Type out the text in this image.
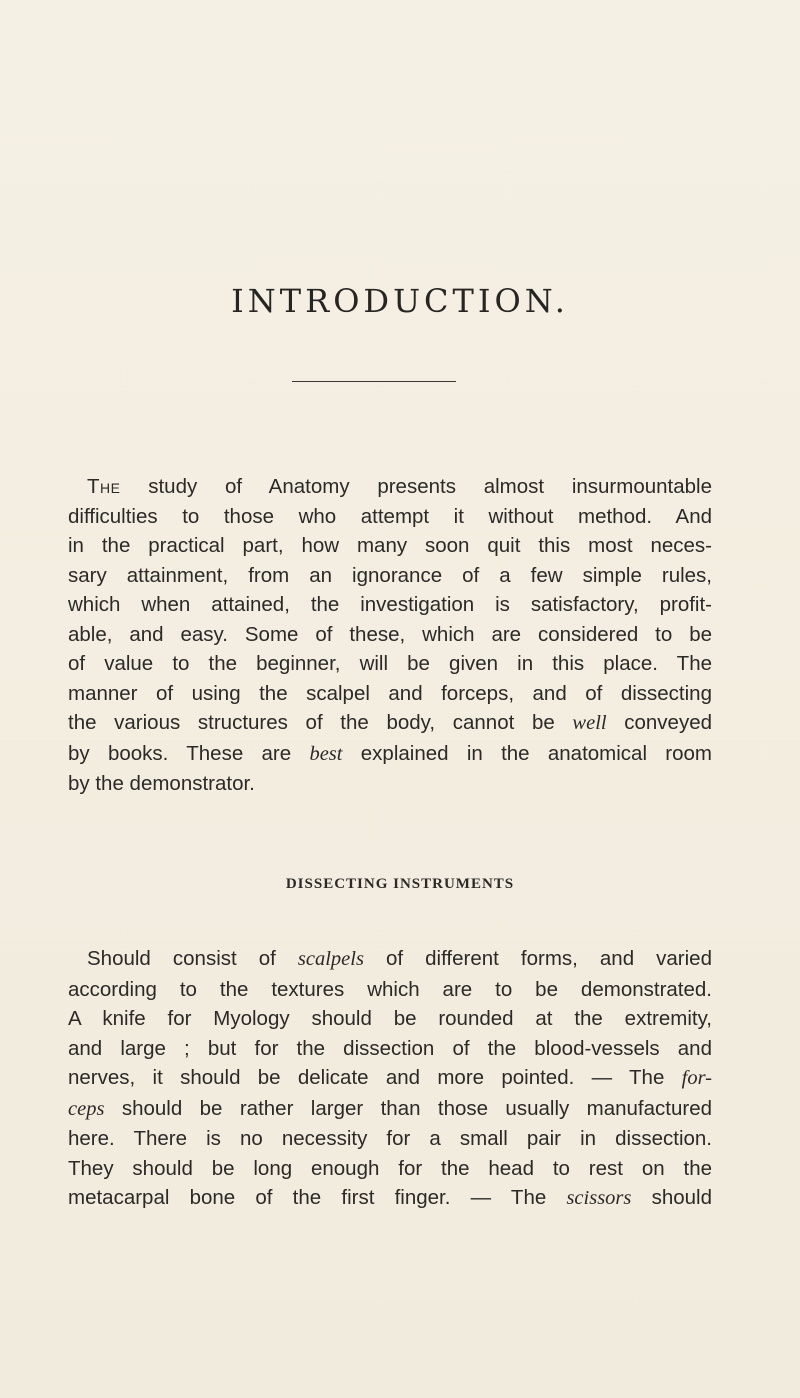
INTRODUCTION.
The study of Anatomy presents almost insurmountable
difficulties to those who attempt it without method. And
in the practical part, how many soon quit this most neces-
sary attainment, from an ignorance of a few simple rules,
which when attained, the investigation is satisfactory, profit-
able, and easy. Some of these, which are considered to be
of value to the beginner, will be given in this place. The
manner of using the scalpel and forceps, and of dissecting
the various structures of the body, cannot be well conveyed
by books. These are best explained in the anatomical room
by the demonstrator.
DISSECTING INSTRUMENTS
Should consist of scalpels of different forms, and varied
according to the textures which are to be demonstrated.
A knife for Myology should be rounded at the extremity,
and large ; but for the dissection of the blood-vessels and
nerves, it should be delicate and more pointed. — The for-
ceps should be rather larger than those usually manufactured
here. There is no necessity for a small pair in dissection.
They should be long enough for the head to rest on the
metacarpal bone of the first finger. — The scissors should
